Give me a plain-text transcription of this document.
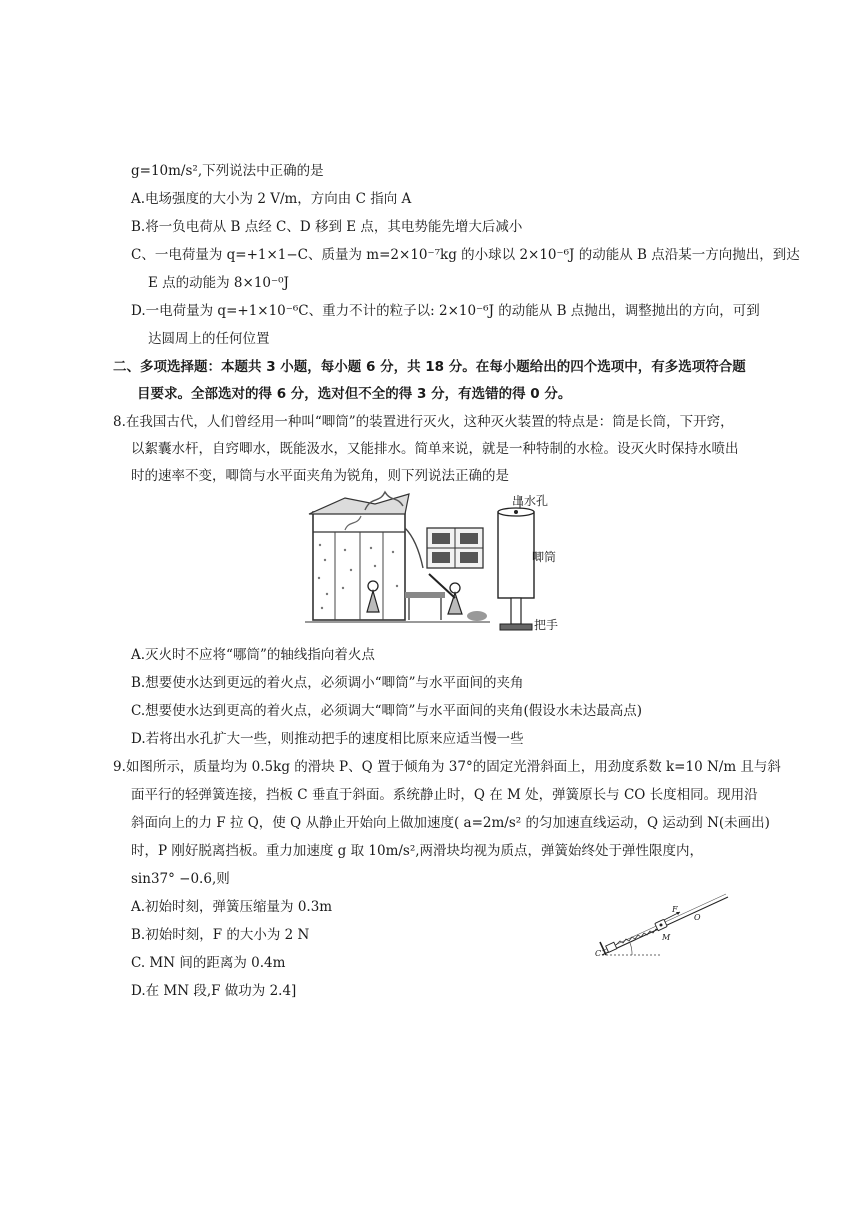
g=10m/s²,下列说法中正确的是
A.电场强度的大小为 2 V/m，方向由 C 指向 A
B.将一负电荷从 B 点经 C、D 移到 E 点，其电势能先增大后减小
C、一电荷量为 q=+1×1−C、质量为 m=2×10⁻⁷kg 的小球以 2×10⁻⁶J 的动能从 B 点沿某一方向抛出，到达
E 点的动能为 8×10⁻⁰J
D.一电荷量为 q=+1×10⁻⁶C、重力不计的粒子以: 2×10⁻⁶J 的动能从 B 点抛出，调整抛出的方向，可到
达圆周上的任何位置
二、多项选择题：本题共 3 小题，每小题 6 分，共 18 分。在每小题给出的四个选项中，有多选项符合题
目要求。全部选对的得 6 分，选对但不全的得 3 分，有选错的得 0 分。
8.在我国古代，人们曾经用一种叫“唧筒”的装置进行灭火，这种灭火装置的特点是：筒是长筒，下开窍，
以絮囊水杆，自窍唧水，既能汲水，又能排水。简单来说，就是一种特制的水检。设灭火时保持水喷出
时的速率不变，唧筒与水平面夹角为锐角，则下列说法正确的是
出水孔
唧筒
把手
A.灭火时不应将“哪筒”的轴线指向着火点
B.想要使水达到更远的着火点，必须调小“唧筒”与水平面间的夹角
C.想要使水达到更高的着火点，必须调大“唧筒”与水平面间的夹角(假设水未达最高点)
D.若将出水孔扩大一些，则推动把手的速度相比原来应适当慢一些
9.如图所示，质量均为 0.5kg 的滑块 P、Q 置于倾角为 37°的固定光滑斜面上，用劲度系数 k=10 N/m 且与斜
面平行的轻弹簧连接，挡板 C 垂直于斜面。系统静止时，Q 在 M 处，弹簧原长与 CO 长度相同。现用沿
斜面向上的力 F 拉 Q，使 Q 从静止开始向上做加速度( a=2m/s² 的匀加速直线运动，Q 运动到 N(未画出)
时，P 刚好脱离挡板。重力加速度 g 取 10m/s²,两滑块均视为质点，弹簧始终处于弹性限度内，
sin37° −0.6,则
A.初始时刻，弹簧压缩量为 0.3m
B.初始时刻，F 的大小为 2 N
C. MN 间的距离为 0.4m
D.在 MN 段,F 做功为 2.4]
F
O
M
C
